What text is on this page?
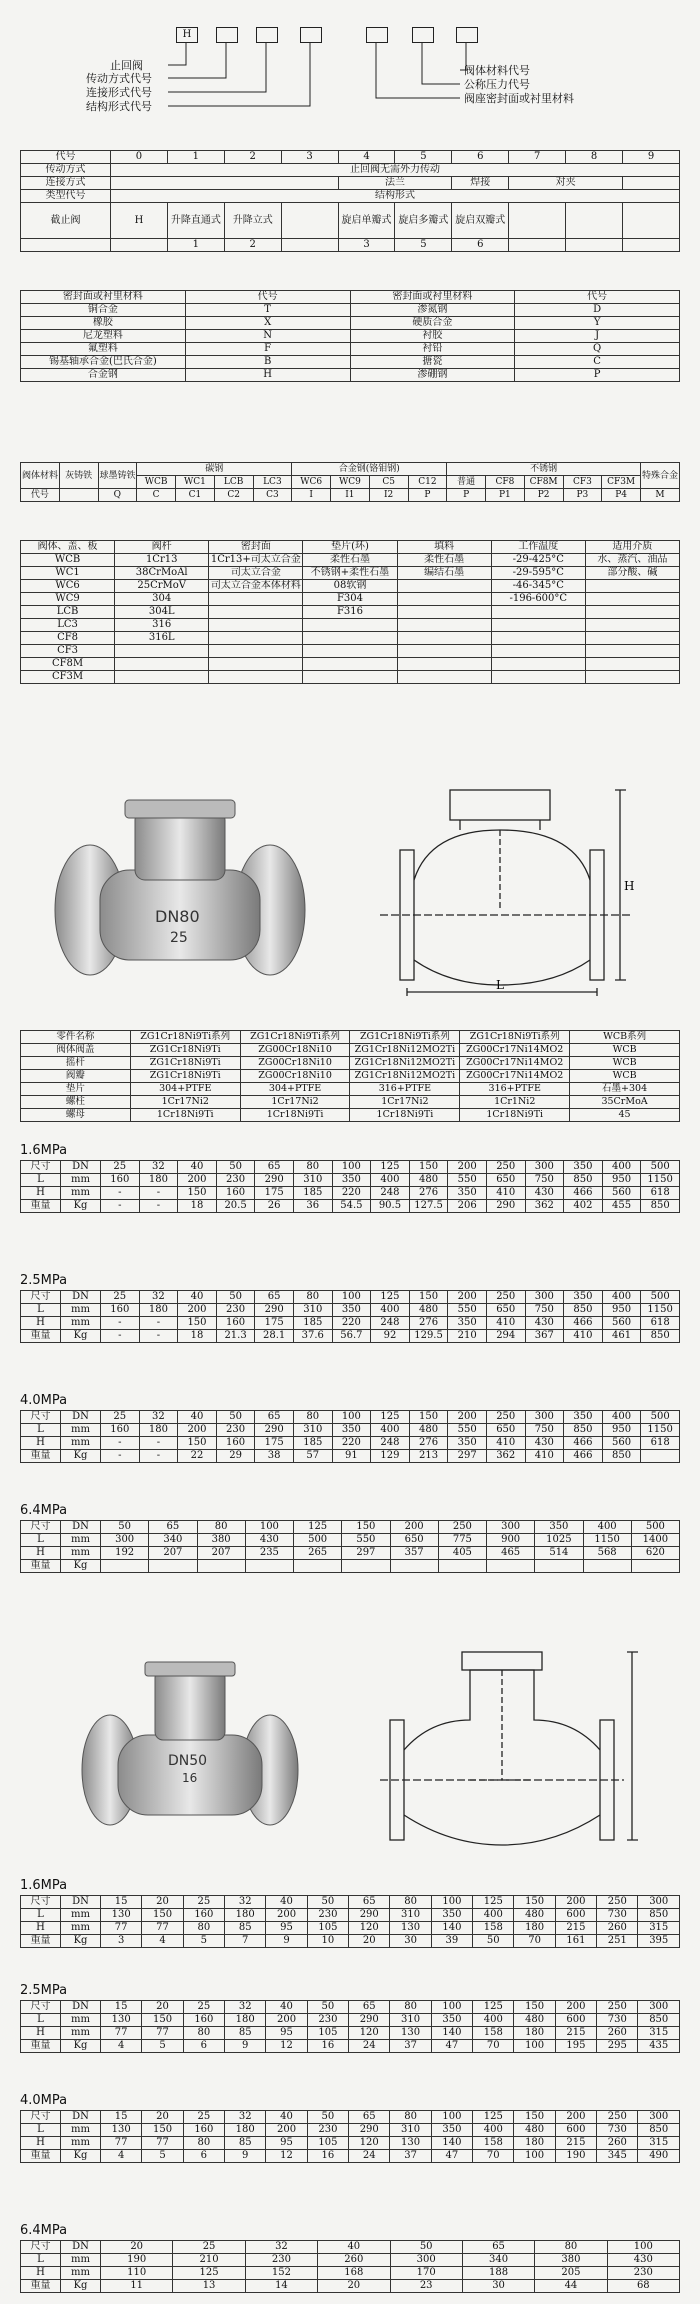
H
止回阀
传动方式代号
连接形式代号
结构形式代号
阀体材料代号
公称压力代号
阀座密封面或衬里材料
代号	0	1	2	3	4	5	6	7	8	9
传动方式	止回阀无需外力传动									
连接方式					法兰		焊接	对夹		
类型代号	结构形式									
截止阀	H	升降直通式	升降立式		旋启单瓣式	旋启多瓣式	旋启双瓣式			
		1	2		3	5	6			
密封面或衬里材料	代号	密封面或衬里材料	代号
铜合金	T	渗氮钢	D
橡胶	X	硬质合金	Y
尼龙塑料	N	衬胶	J
氟塑料	F	衬铅	Q
锡基轴承合金(巴氏合金)	B	搪瓷	C
合金钢	H	渗硼钢	P
阀体材料	灰铸铁	球墨铸铁	碳钢				合金钢(铬钼钢)				不锈钢					特殊合金
			WCB	WC1	LCB	LC3	WC6	WC9	C5	C12	普通	CF8	CF8M	CF3	CF3M	
代号		Q	C	C1	C2	C3	I	I1	I2	P	P	P1	P2	P3	P4	M
阀体、盖、板	阀杆	密封面	垫片(环)	填料	工作温度	适用介质
WCB	1Cr13	1Cr13+司太立合金	柔性石墨	柔性石墨	-29-425°C	水、蒸汽、油品
WC1	38CrMoAl	司太立合金	不锈钢+柔性石墨	编结石墨	-29-595°C	部分酸、碱
WC6	25CrMoV	司太立合金本体材料	08软钢		-46-345°C	
WC9	304		F304		-196-600°C	
LCB	304L		F316			
LC3	316					
CF8	316L					
CF3						
CF8M						
CF3M						
DN80
25
H
L
零件名称	ZG1Cr18Ni9Ti系列	ZG1Cr18Ni9Ti系列	ZG1Cr18Ni9Ti系列	ZG1Cr18Ni9Ti系列	WCB系列
阀体阀盖	ZG1Cr18Ni9Ti	ZG00Cr18Ni10	ZG1Cr18Ni12MO2Ti	ZG00Cr17Ni14MO2	WCB
摇杆	ZG1Cr18Ni9Ti	ZG00Cr18Ni10	ZG1Cr18Ni12MO2Ti	ZG00Cr17Ni14MO2	WCB
阀瓣	ZG1Cr18Ni9Ti	ZG00Cr18Ni10	ZG1Cr18Ni12MO2Ti	ZG00Cr17Ni14MO2	WCB
垫片	304+PTFE	304+PTFE	316+PTFE	316+PTFE	石墨+304
螺柱	1Cr17Ni2	1Cr17Ni2	1Cr17Ni2	1Cr1Ni2	35CrMoA
螺母	1Cr18Ni9Ti	1Cr18Ni9Ti	1Cr18Ni9Ti	1Cr18Ni9Ti	45
1.6MPa
尺寸	DN	25	32	40	50	65	80	100	125	150	200	250	300	350	400	500
L	mm	160	180	200	230	290	310	350	400	480	550	650	750	850	950	1150
H	mm	-	-	150	160	175	185	220	248	276	350	410	430	466	560	618
重量	Kg	-	-	18	20.5	26	36	54.5	90.5	127.5	206	290	362	402	455	850
2.5MPa
尺寸	DN	25	32	40	50	65	80	100	125	150	200	250	300	350	400	500
L	mm	160	180	200	230	290	310	350	400	480	550	650	750	850	950	1150
H	mm	-	-	150	160	175	185	220	248	276	350	410	430	466	560	618
重量	Kg	-	-	18	21.3	28.1	37.6	56.7	92	129.5	210	294	367	410	461	850
4.0MPa
尺寸	DN	25	32	40	50	65	80	100	125	150	200	250	300	350	400	500
L	mm	160	180	200	230	290	310	350	400	480	550	650	750	850	950	1150
H	mm	-	-	150	160	175	185	220	248	276	350	410	430	466	560	618
重量	Kg	-	-	22	29	38	57	91	129	213	297	362	410	466	850	
6.4MPa
尺寸	DN	50	65	80	100	125	150	200	250	300	350	400	500
L	mm	300	340	380	430	500	550	650	775	900	1025	1150	1400
H	mm	192	207	207	235	265	297	357	405	465	514	568	620
重量	Kg												
DN50
16
1.6MPa
尺寸	DN	15	20	25	32	40	50	65	80	100	125	150	200	250	300
L	mm	130	150	160	180	200	230	290	310	350	400	480	600	730	850
H	mm	77	77	80	85	95	105	120	130	140	158	180	215	260	315
重量	Kg	3	4	5	7	9	10	20	30	39	50	70	161	251	395
2.5MPa
尺寸	DN	15	20	25	32	40	50	65	80	100	125	150	200	250	300
L	mm	130	150	160	180	200	230	290	310	350	400	480	600	730	850
H	mm	77	77	80	85	95	105	120	130	140	158	180	215	260	315
重量	Kg	4	5	6	9	12	16	24	37	47	70	100	195	295	435
4.0MPa
尺寸	DN	15	20	25	32	40	50	65	80	100	125	150	200	250	300
L	mm	130	150	160	180	200	230	290	310	350	400	480	600	730	850
H	mm	77	77	80	85	95	105	120	130	140	158	180	215	260	315
重量	Kg	4	5	6	9	12	16	24	37	47	70	100	190	345	490
6.4MPa
尺寸	DN	20	25	32	40	50	65	80	100
L	mm	190	210	230	260	300	340	380	430
H	mm	110	125	152	168	170	188	205	230
重量	Kg	11	13	14	20	23	30	44	68
